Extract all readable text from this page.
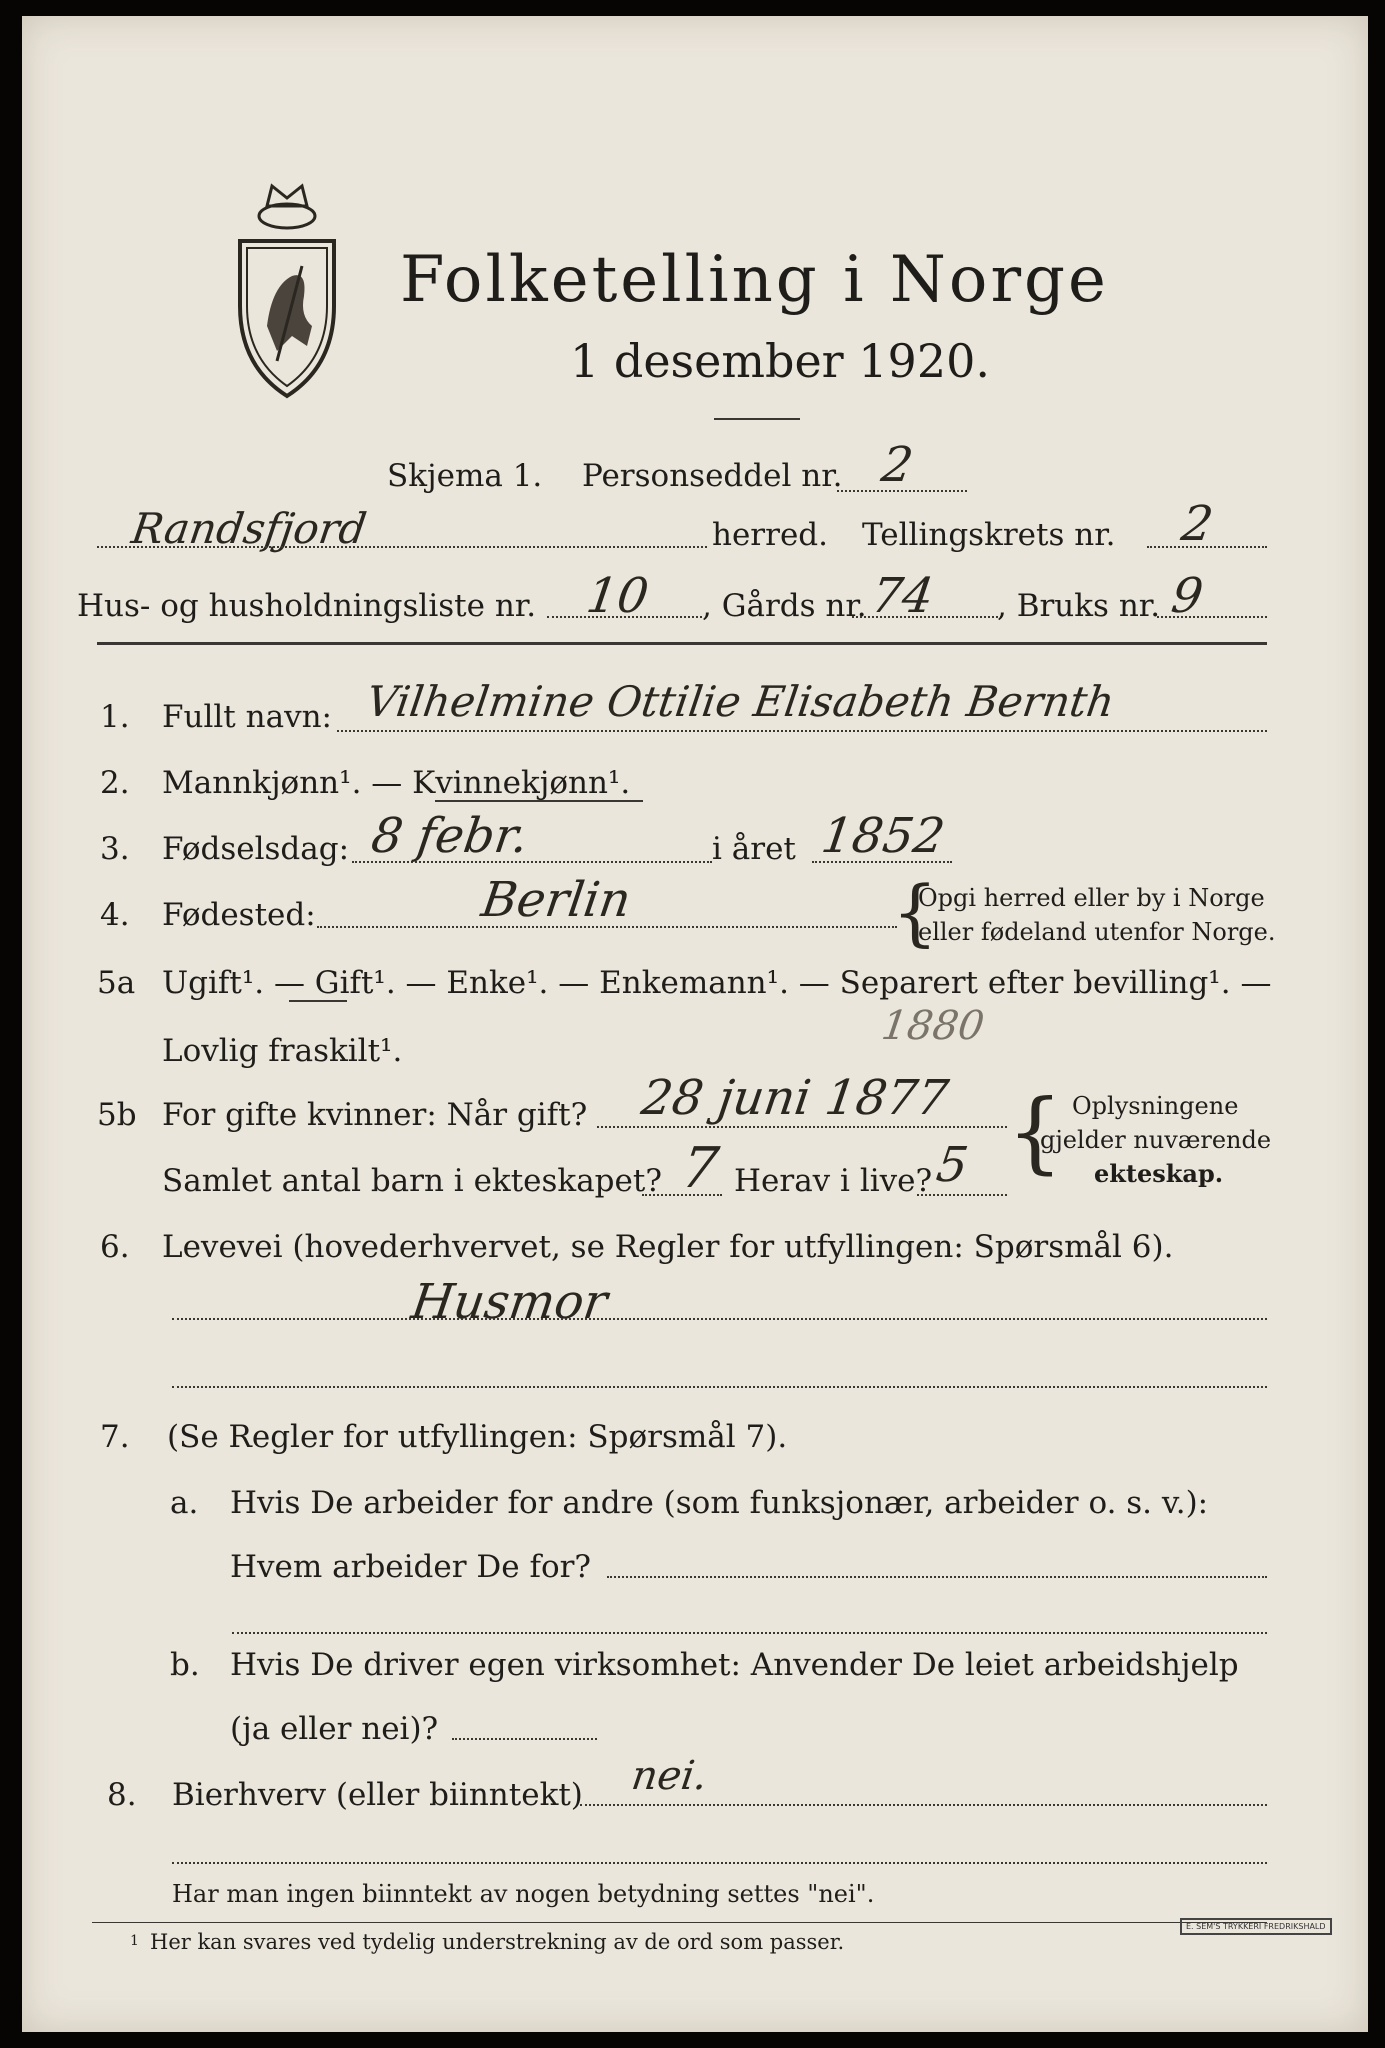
Folketelling i Norge
1 desember 1920.
Skjema 1. Personseddel nr. 2
Randsfjord	herred. Tellingskrets nr. 2
Hus- og husholdningsliste nr. 10 , Gårds nr. 74 , Bruks nr. 9
1. Fullt navn: Vilhelmine Ottilie Elisabeth Bernth
2. Mannkjønn¹. — Kvinnekjønn¹.
3. Fødselsdag: 8 febr.	i året 1852
4. Fødested:	Berlin	{
Opgi herred eller by i Norge
eller fødeland utenfor Norge.
5a Ugift¹. — Gift¹. — Enke¹. — Enkemann¹. — Separert efter bevilling¹. —
Lovlig fraskilt¹.
1880
5b For gifte kvinner: Når gift? 28 juni 1877
Samlet antal barn i ekteskapet? 7 Herav i live? 5 { Oplysningene
gjelder nuværende
ekteskap.
6. Levevei (hovederhvervet, se Regler for utfyllingen: Spørsmål 6).
Husmor
7. (Se Regler for utfyllingen: Spørsmål 7).
a. Hvis De arbeider for andre (som funksjonær, arbeider o. s. v.):
Hvem arbeider De for?
b. Hvis De driver egen virksomhet: Anvender De leiet arbeidshjelp
(ja eller nei)?
8. Bierhverv (eller biinntekt) nei.
Har man ingen biinntekt av nogen betydning settes "nei".
1 Her kan svares ved tydelig understrekning av de ord som passer.
E. SEM'S TRYKKERI FREDRIKSHALD
